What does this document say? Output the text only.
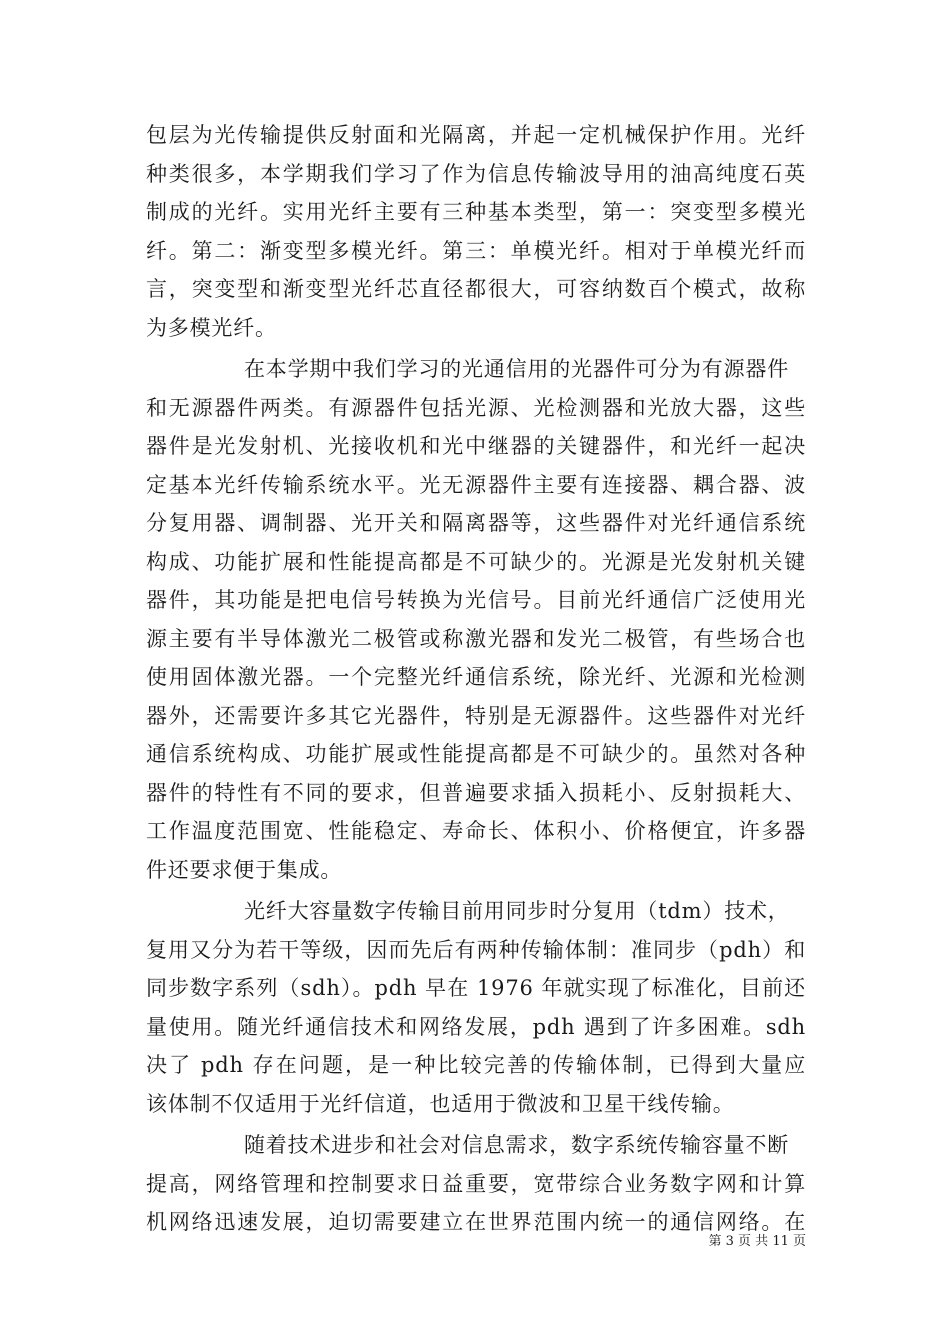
包层为光传输提供反射面和光隔离，并起一定机械保护作用。光纤
种类很多，本学期我们学习了作为信息传输波导用的油高纯度石英
制成的光纤。实用光纤主要有三种基本类型，第一：突变型多模光
纤。第二：渐变型多模光纤。第三：单模光纤。相对于单模光纤而
言，突变型和渐变型光纤芯直径都很大，可容纳数百个模式，故称
为多模光纤。
在本学期中我们学习的光通信用的光器件可分为有源器件
和无源器件两类。有源器件包括光源、光检测器和光放大器，这些
器件是光发射机、光接收机和光中继器的关键器件，和光纤一起决
定基本光纤传输系统水平。光无源器件主要有连接器、耦合器、波
分复用器、调制器、光开关和隔离器等，这些器件对光纤通信系统
构成、功能扩展和性能提高都是不可缺少的。光源是光发射机关键
器件，其功能是把电信号转换为光信号。目前光纤通信广泛使用光
源主要有半导体激光二极管或称激光器和发光二极管，有些场合也
使用固体激光器。一个完整光纤通信系统，除光纤、光源和光检测
器外，还需要许多其它光器件，特别是无源器件。这些器件对光纤
通信系统构成、功能扩展或性能提高都是不可缺少的。虽然对各种
器件的特性有不同的要求，但普遍要求插入损耗小、反射损耗大、
工作温度范围宽、性能稳定、寿命长、体积小、价格便宜，许多器
件还要求便于集成。
光纤大容量数字传输目前用同步时分复用（tdm）技术，
复用又分为若干等级，因而先后有两种传输体制：准同步（pdh）和
同步数字系列（sdh）。pdh 早在 1976 年就实现了标准化，目前还
量使用。随光纤通信技术和网络发展，pdh 遇到了许多困难。sdh
决了 pdh 存在问题，是一种比较完善的传输体制，已得到大量应
该体制不仅适用于光纤信道，也适用于微波和卫星干线传输。
随着技术进步和社会对信息需求，数字系统传输容量不断
提高，网络管理和控制要求日益重要，宽带综合业务数字网和计算
机网络迅速发展，迫切需要建立在世界范围内统一的通信网络。在
第 3 页 共 11 页
